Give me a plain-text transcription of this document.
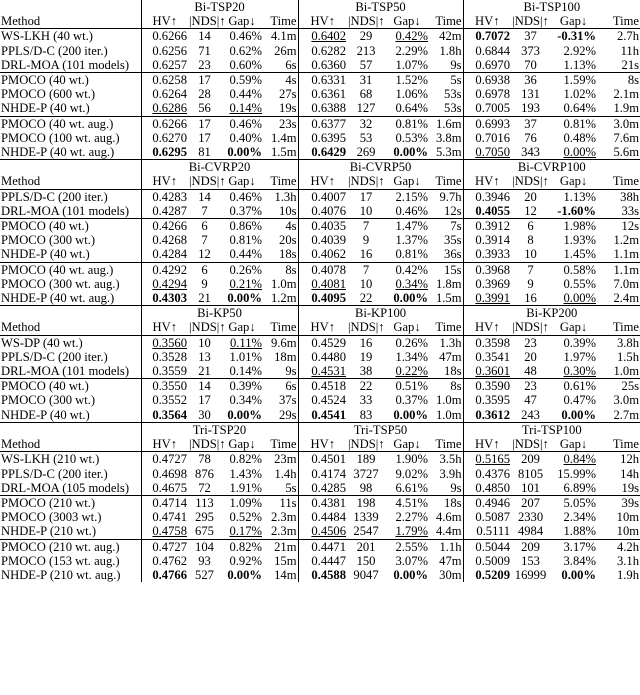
	Bi-TSP20				Bi-TSP50				Bi-TSP100			
Method	HV↑	|NDS|↑	Gap↓	Time	HV↑	|NDS|↑	Gap↓	Time	HV↑	|NDS|↑	Gap↓	Time
WS-LKH (40 wt.)	0.6266	14	0.46%	4.1m	0.6402	29	0.42%	42m	0.7072	37	-0.31%	2.7h
PPLS/D-C (200 iter.)	0.6256	71	0.62%	26m	0.6282	213	2.29%	1.8h	0.6844	373	2.92%	11h
DRL-MOA (101 models)	0.6257	23	0.60%	6s	0.6360	57	1.07%	9s	0.6970	70	1.13%	21s
PMOCO (40 wt.)	0.6258	17	0.59%	4s	0.6331	31	1.52%	5s	0.6938	36	1.59%	8s
PMOCO (600 wt.)	0.6264	28	0.44%	27s	0.6361	68	1.06%	53s	0.6978	131	1.02%	2.1m
NHDE-P (40 wt.)	0.6286	56	0.14%	19s	0.6388	127	0.64%	53s	0.7005	193	0.64%	1.9m
PMOCO (40 wt. aug.)	0.6266	17	0.46%	23s	0.6377	32	0.81%	1.6m	0.6993	37	0.81%	3.0m
PMOCO (100 wt. aug.)	0.6270	17	0.40%	1.4m	0.6395	53	0.53%	3.8m	0.7016	76	0.48%	7.6m
NHDE-P (40 wt. aug.)	0.6295	81	0.00%	1.5m	0.6429	269	0.00%	5.3m	0.7050	343	0.00%	5.6m
	Bi-CVRP20				Bi-CVRP50				Bi-CVRP100			
Method	HV↑	|NDS|↑	Gap↓	Time	HV↑	|NDS|↑	Gap↓	Time	HV↑	|NDS|↑	Gap↓	Time
PPLS/D-C (200 iter.)	0.4283	14	0.46%	1.3h	0.4007	17	2.15%	9.7h	0.3946	20	1.13%	38h
DRL-MOA (101 models)	0.4287	7	0.37%	10s	0.4076	10	0.46%	12s	0.4055	12	-1.60%	33s
PMOCO (40 wt.)	0.4266	6	0.86%	4s	0.4035	7	1.47%	7s	0.3912	6	1.98%	12s
PMOCO (300 wt.)	0.4268	7	0.81%	20s	0.4039	9	1.37%	35s	0.3914	8	1.93%	1.2m
NHDE-P (40 wt.)	0.4284	12	0.44%	18s	0.4062	16	0.81%	36s	0.3933	10	1.45%	1.1m
PMOCO (40 wt. aug.)	0.4292	6	0.26%	8s	0.4078	7	0.42%	15s	0.3968	7	0.58%	1.1m
PMOCO (300 wt. aug.)	0.4294	9	0.21%	1.0m	0.4081	10	0.34%	1.8m	0.3969	9	0.55%	7.0m
NHDE-P (40 wt. aug.)	0.4303	21	0.00%	1.2m	0.4095	22	0.00%	1.5m	0.3991	16	0.00%	2.4m
	Bi-KP50				Bi-KP100				Bi-KP200			
Method	HV↑	|NDS|↑	Gap↓	Time	HV↑	|NDS|↑	Gap↓	Time	HV↑	|NDS|↑	Gap↓	Time
WS-DP (40 wt.)	0.3560	10	0.11%	9.6m	0.4529	16	0.26%	1.3h	0.3598	23	0.39%	3.8h
PPLS/D-C (200 iter.)	0.3528	13	1.01%	18m	0.4480	19	1.34%	47m	0.3541	20	1.97%	1.5h
DRL-MOA (101 models)	0.3559	21	0.14%	9s	0.4531	38	0.22%	18s	0.3601	48	0.30%	1.0m
PMOCO (40 wt.)	0.3550	14	0.39%	6s	0.4518	22	0.51%	8s	0.3590	23	0.61%	25s
PMOCO (300 wt.)	0.3552	17	0.34%	37s	0.4524	33	0.37%	1.0m	0.3595	47	0.47%	3.0m
NHDE-P (40 wt.)	0.3564	30	0.00%	29s	0.4541	83	0.00%	1.0m	0.3612	243	0.00%	2.7m
	Tri-TSP20				Tri-TSP50				Tri-TSP100			
Method	HV↑	|NDS|↑	Gap↓	Time	HV↑	|NDS|↑	Gap↓	Time	HV↑	|NDS|↑	Gap↓	Time
WS-LKH (210 wt.)	0.4727	78	0.82%	23m	0.4501	189	1.90%	3.5h	0.5165	209	0.84%	12h
PPLS/D-C (200 iter.)	0.4698	876	1.43%	1.4h	0.4174	3727	9.02%	3.9h	0.4376	8105	15.99%	14h
DRL-MOA (105 models)	0.4675	72	1.91%	5s	0.4285	98	6.61%	9s	0.4850	101	6.89%	19s
PMOCO (210 wt.)	0.4714	113	1.09%	11s	0.4381	198	4.51%	18s	0.4946	207	5.05%	39s
PMOCO (3003 wt.)	0.4741	295	0.52%	2.3m	0.4484	1339	2.27%	4.6m	0.5087	2330	2.34%	10m
NHDE-P (210 wt.)	0.4758	675	0.17%	2.3m	0.4506	2547	1.79%	4.4m	0.5111	4984	1.88%	10m
PMOCO (210 wt. aug.)	0.4727	104	0.82%	21m	0.4471	201	2.55%	1.1h	0.5044	209	3.17%	4.2h
PMOCO (153 wt. aug.)	0.4762	93	0.92%	15m	0.4447	150	3.07%	47m	0.5009	153	3.84%	3.1h
NHDE-P (210 wt. aug.)	0.4766	527	0.00%	14m	0.4588	9047	0.00%	30m	0.5209	16999	0.00%	1.9h
